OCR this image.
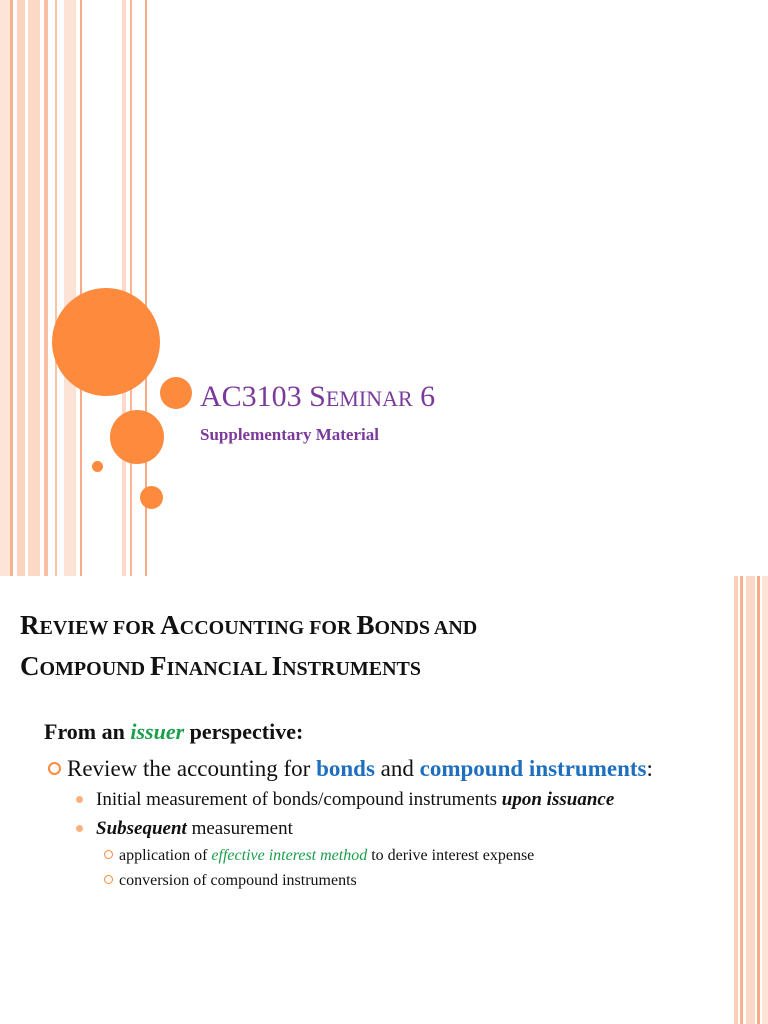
AC3103 SEMINAR 6
Supplementary Material
REVIEW FOR ACCOUNTING FOR BONDS AND
COMPOUND FINANCIAL INSTRUMENTS
From an issuer perspective:
Review the accounting for bonds and compound instruments:
Initial measurement of bonds/compound instruments upon issuance
Subsequent measurement
application of effective interest method to derive interest expense
conversion of compound instruments
